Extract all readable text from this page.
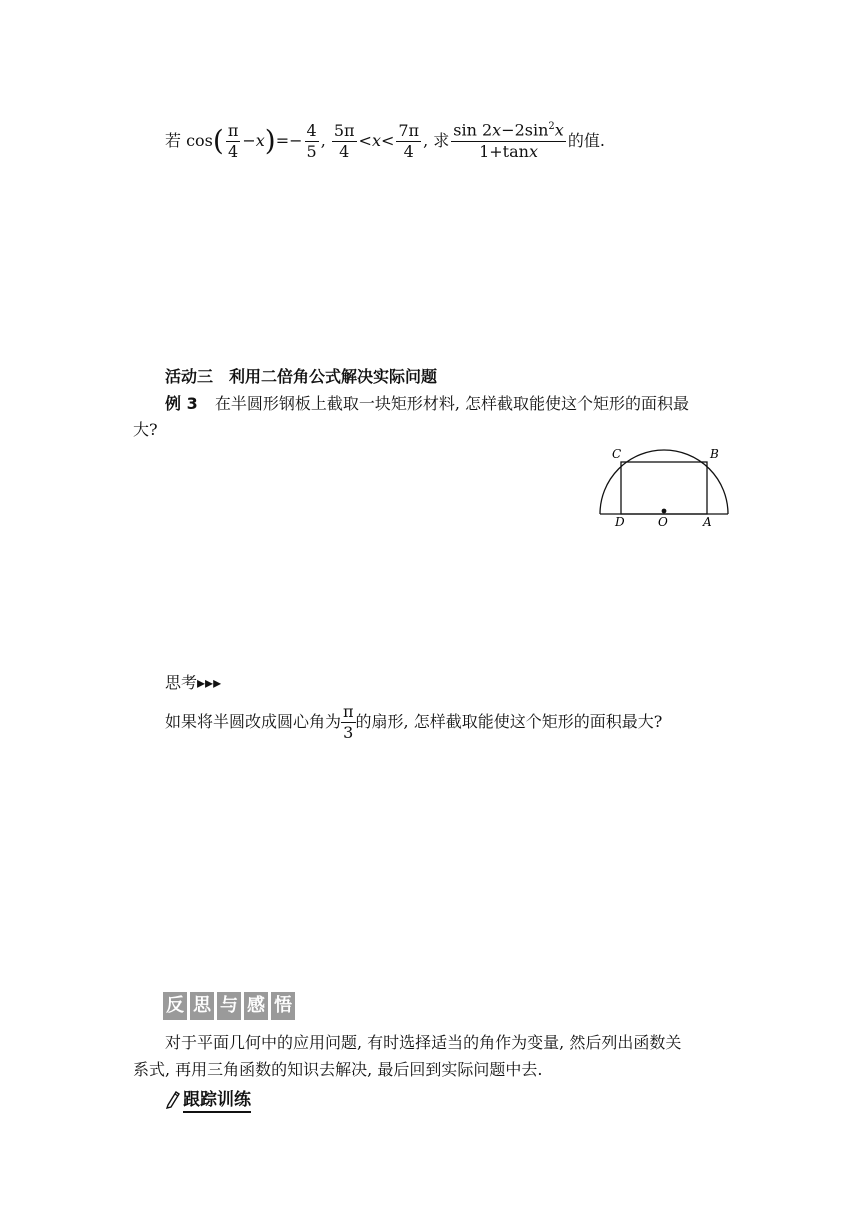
若 cos ( $\frac{\pi}{4} -x$ ) =− $\frac{4}{5}$ , $\frac{5\pi}{4} < x < \frac{7\pi}{4}$ , 求 $\frac{\sin 2x-2\sin^2x}{1+\tan x}$ 的值.
活动三　利用二倍角公式解决实际问题
例 3 在半圆形钢板上截取一块矩形材料, 怎样截取能使这个矩形的面积最
大?
C	B
D	O	A
思考▸▸▸
如果将半圆改成圆心角为 $\frac{\pi}{3}$ 的扇形, 怎样截取能使这个矩形的面积最大?
反 思 与 感 悟
对于平面几何中的应用问题, 有时选择适当的角作为变量, 然后列出函数关
系式, 再用三角函数的知识去解决, 最后回到实际问题中去.
跟踪训练
